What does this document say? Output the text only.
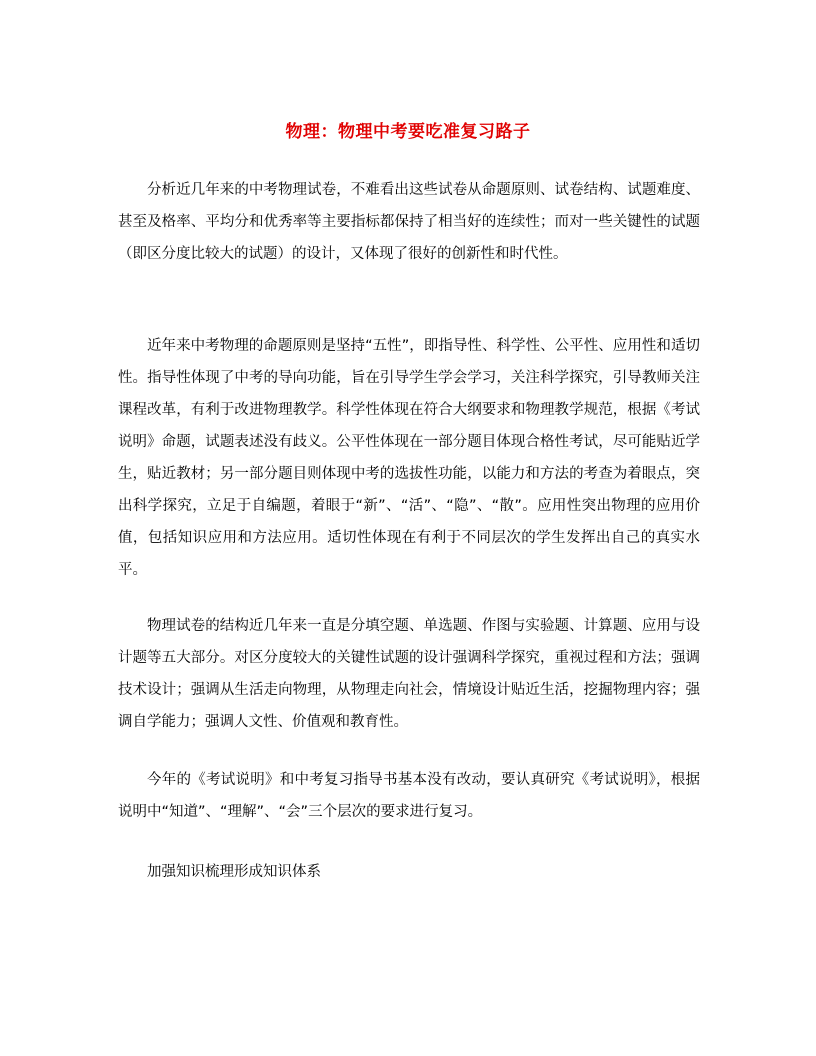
物理：物理中考要吃准复习路子

分析近几年来的中考物理试卷，不难看出这些试卷从命题原则、试卷结构、试题难度、甚至及格率、平均分和优秀率等主要指标都保持了相当好的连续性；而对一些关键性的试题（即区分度比较大的试题）的设计，又体现了很好的创新性和时代性。

近年来中考物理的命题原则是坚持“五性”，即指导性、科学性、公平性、应用性和适切性。指导性体现了中考的导向功能，旨在引导学生学会学习，关注科学探究，引导教师关注课程改革，有利于改进物理教学。科学性体现在符合大纲要求和物理教学规范，根据《考试说明》命题，试题表述没有歧义。公平性体现在一部分题目体现合格性考试，尽可能贴近学生，贴近教材；另一部分题目则体现中考的选拔性功能，以能力和方法的考查为着眼点，突出科学探究，立足于自编题，着眼于“新”、“活”、“隐”、“散”。应用性突出物理的应用价值，包括知识应用和方法应用。适切性体现在有利于不同层次的学生发挥出自己的真实水平。

物理试卷的结构近几年来一直是分填空题、单选题、作图与实验题、计算题、应用与设计题等五大部分。对区分度较大的关键性试题的设计强调科学探究，重视过程和方法；强调技术设计；强调从生活走向物理，从物理走向社会，情境设计贴近生活，挖掘物理内容；强调自学能力；强调人文性、价值观和教育性。

今年的《考试说明》和中考复习指导书基本没有改动，要认真研究《考试说明》，根据说明中“知道”、“理解”、“会”三个层次的要求进行复习。

加强知识梳理形成知识体系
